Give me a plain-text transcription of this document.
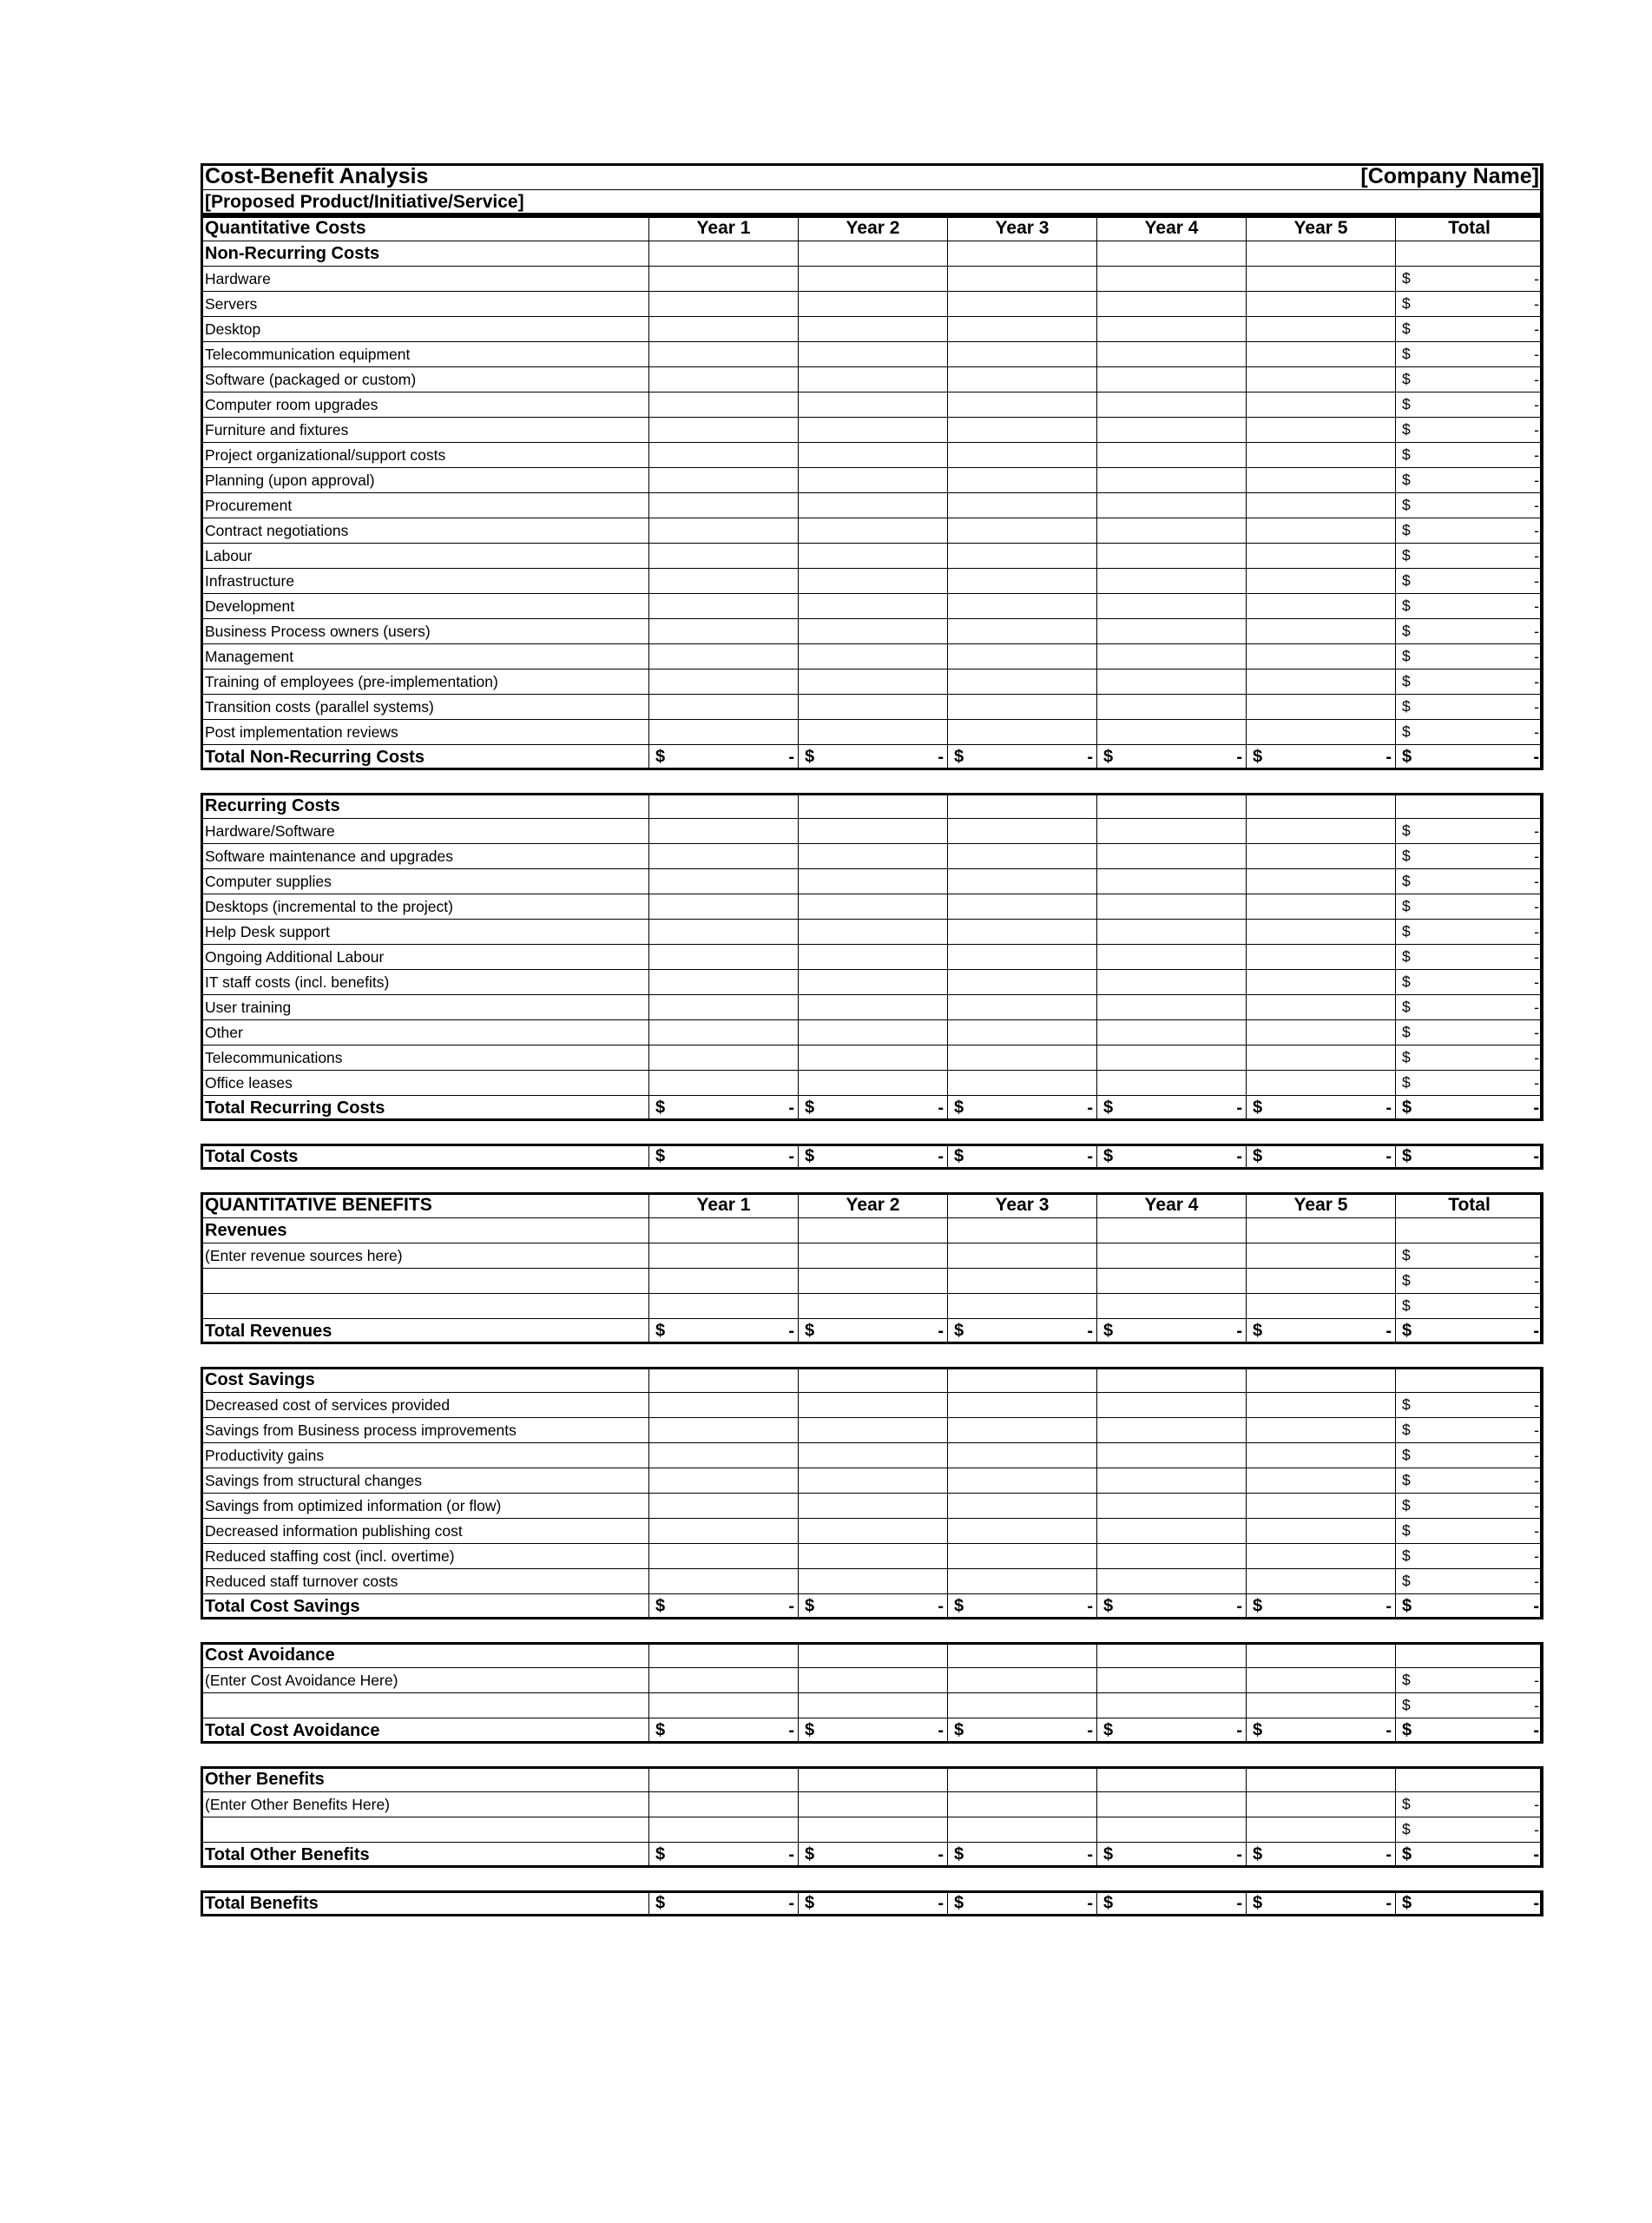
Cost-Benefit Analysis	[Company Name]

[Proposed Product/Initiative/Service]
Quantitative Costs	Year 1	Year 2	Year 3	Year 4	Year 5	Total
Non-Recurring Costs						
Hardware						$ -

Servers						$ -

Desktop						$ -

Telecommunication equipment						$ -

Software (packaged or custom)						$ -

Computer room upgrades						$ -

Furniture and fixtures						$ -

Project organizational/support costs						$ -

Planning (upon approval)						$ -

Procurement						$ -

Contract negotiations						$ -

Labour						$ -

Infrastructure						$ -

Development						$ -

Business Process owners (users)						$ -

Management						$ -

Training of employees (pre-implementation)						$ -

Transition costs (parallel systems)						$ -

Post implementation reviews						$ -

Total Non-Recurring Costs	$ -	$ -	$ -	$ -	$ -	$ -
Recurring Costs						
Hardware/Software						$ -

Software maintenance and upgrades						$ -

Computer supplies						$ -

Desktops (incremental to the project)						$ -

Help Desk support						$ -

Ongoing Additional Labour						$ -

IT staff costs (incl. benefits)						$ -

User training						$ -

Other						$ -

Telecommunications						$ -

Office leases						$ -

Total Recurring Costs	$ -	$ -	$ -	$ -	$ -	$ -
Total Costs	$	-	$	-	$	-	$	-	$	-	$	-
QUANTITATIVE BENEFITS	Year 1	Year 2	Year 3	Year 4	Year 5	Total
Revenues						
(Enter revenue sources here)						$ -

						$ -

						$ -

Total Revenues	$ -	$ -	$ -	$ -	$ -	$ -
Cost Savings						
Decreased cost of services provided						$ -

Savings from Business process improvements						$ -

Productivity gains						$ -

Savings from structural changes						$ -

Savings from optimized information (or flow)						$ -

Decreased information publishing cost						$ -

Reduced staffing cost (incl. overtime)						$ -

Reduced staff turnover costs						$ -

Total Cost Savings	$ -	$ -	$ -	$ -	$ -	$ -
Cost Avoidance						
(Enter Cost Avoidance Here)						$ -

						$ -

Total Cost Avoidance	$ -	$ -	$ -	$ -	$ -	$ -
Other Benefits						
(Enter Other Benefits Here)						$ -

						$ -

Total Other Benefits	$ -	$ -	$ -	$ -	$ -	$ -
Total Benefits	$	-	$	-	$	-	$	-	$	-	$	-
